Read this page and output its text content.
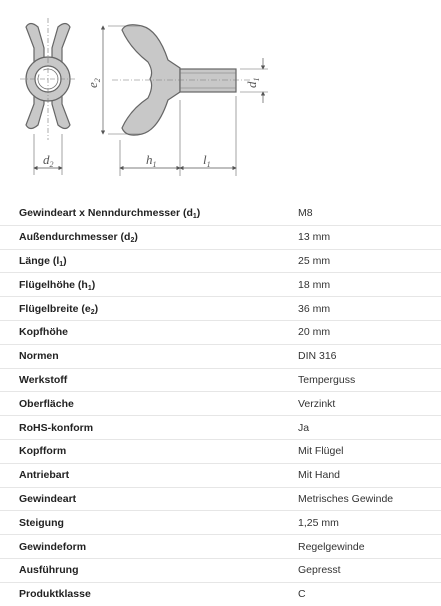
$d_2$
$e_2$
$d_1$
$h_1$	$l_1$
Gewindeart x Nenndurchmesser $(d_1)$	M8
Außendurchmesser $(d_2)$	13 mm
Länge $(l_1)$	25 mm
Flügelhöhe $(h_1)$	18 mm
Flügelbreite $(e_2)$	36 mm
Kopfhöhe	20 mm
Normen	DIN 316
Werkstoff	Temperguss
Oberfläche	Verzinkt
RoHS-konform	Ja
Kopfform	Mit Flügel
Antriebart	Mit Hand
Gewindeart	Metrisches Gewinde
Steigung	1,25 mm
Gewindeform	Regelgewinde
Ausführung	Gepresst
Produktklasse	C
